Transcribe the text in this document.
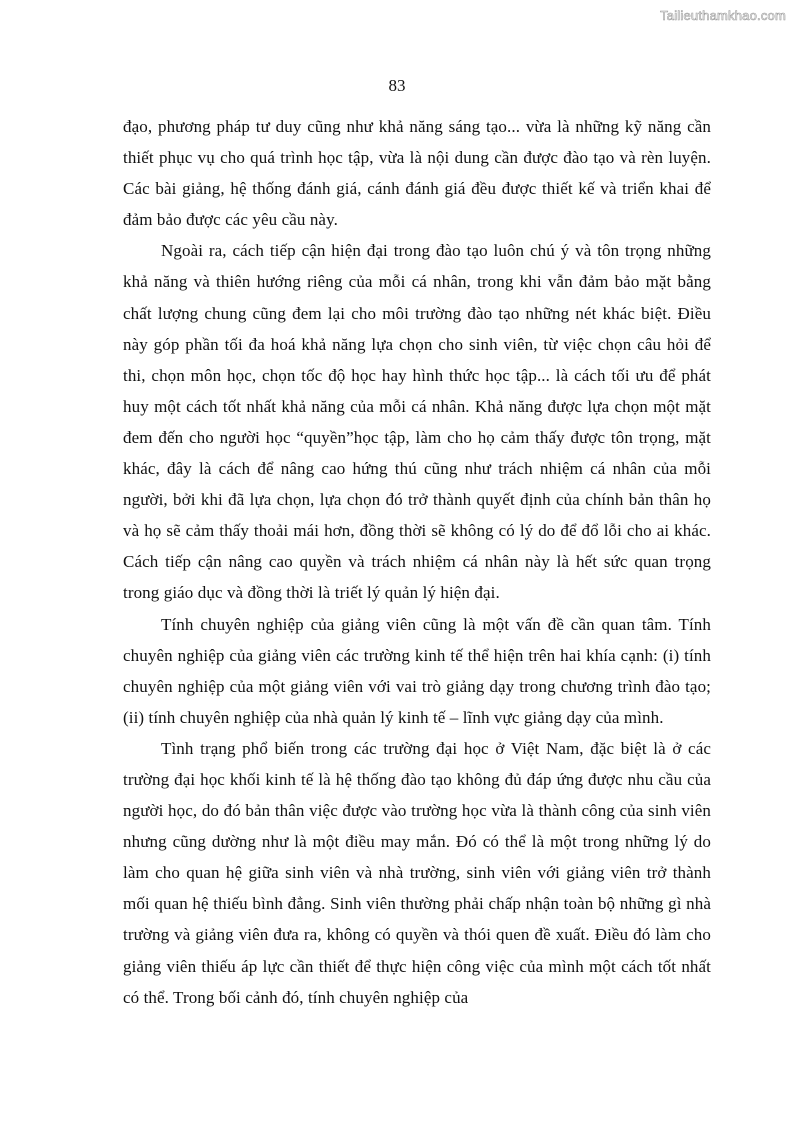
Tailieuthamkhao.com
83

đạo, phương pháp tư duy cũng như khả năng sáng tạo... vừa là những kỹ năng cần thiết phục vụ cho quá trình học tập, vừa là nội dung cần được đào tạo và rèn luyện. Các bài giảng, hệ thống đánh giá, cánh đánh giá đều được thiết kế và triển khai để đảm bảo được các yêu cầu này.

Ngoài ra, cách tiếp cận hiện đại trong đào tạo luôn chú ý và tôn trọng những khả năng và thiên hướng riêng của mỗi cá nhân, trong khi vẫn đảm bảo mặt bằng chất lượng chung cũng đem lại cho môi trường đào tạo những nét khác biệt. Điều này góp phần tối đa hoá khả năng lựa chọn cho sinh viên, từ việc chọn câu hỏi để thi, chọn môn học, chọn tốc độ học hay hình thức học tập... là cách tối ưu để phát huy một cách tốt nhất khả năng của mỗi cá nhân. Khả năng được lựa chọn một mặt đem đến cho người học “quyền”học tập, làm cho họ cảm thấy được tôn trọng, mặt khác, đây là cách để nâng cao hứng thú cũng như trách nhiệm cá nhân của mỗi người, bởi khi đã lựa chọn, lựa chọn đó trở thành quyết định của chính bản thân họ và họ sẽ cảm thấy thoải mái hơn, đồng thời sẽ không có lý do để đổ lỗi cho ai khác. Cách tiếp cận nâng cao quyền và trách nhiệm cá nhân này là hết sức quan trọng trong giáo dục và đồng thời là triết lý quản lý hiện đại.

Tính chuyên nghiệp của giảng viên cũng là một vấn đề cần quan tâm. Tính chuyên nghiệp của giảng viên các trường kinh tế thể hiện trên hai khía cạnh: (i) tính chuyên nghiệp của một giảng viên với vai trò giảng dạy trong chương trình đào tạo; (ii) tính chuyên nghiệp của nhà quản lý kinh tế – lĩnh vực giảng dạy của mình.

Tình trạng phổ biến trong các trường đại học ở Việt Nam, đặc biệt là ở các trường đại học khối kinh tế là hệ thống đào tạo không đủ đáp ứng được nhu cầu của người học, do đó bản thân việc được vào trường học vừa là thành công của sinh viên nhưng cũng dường như là một điều may mắn. Đó có thể là một trong những lý do làm cho quan hệ giữa sinh viên và nhà trường, sinh viên với giảng viên trở thành mối quan hệ thiếu bình đẳng. Sinh viên thường phải chấp nhận toàn bộ những gì nhà trường và giảng viên đưa ra, không có quyền và thói quen đề xuất. Điều đó làm cho giảng viên thiếu áp lực cần thiết để thực hiện công việc của mình một cách tốt nhất có thể. Trong bối cảnh đó, tính chuyên nghiệp của
